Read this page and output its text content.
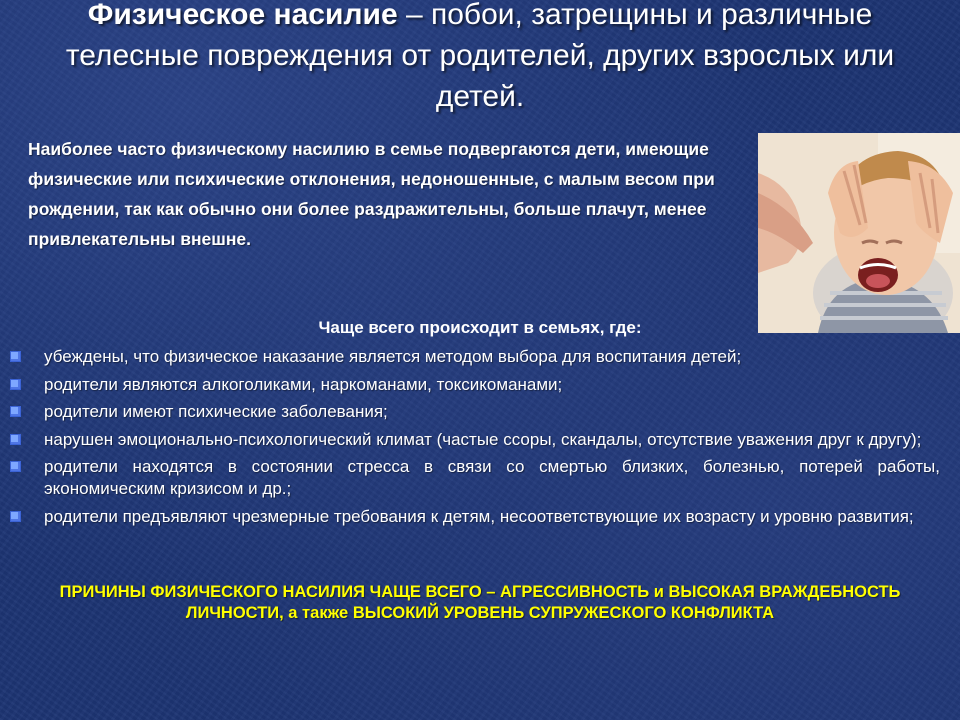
Физическое насилие – побои, затрещины и различные телесные повреждения от родителей, других взрослых или детей.
Наиболее часто физическому насилию в семье подвергаются дети, имеющие физические или психические отклонения, недоношенные, с малым весом при рождении, так как обычно они более раздражительны, больше плачут, менее привлекательны внешне.
Чаще всего происходит в семьях, где:
убеждены, что физическое наказание является методом выбора для воспитания детей;
родители являются алкоголиками, наркоманами, токсикоманами;
родители имеют психические заболевания;
нарушен эмоционально-психологический климат (частые ссоры, скандалы, отсутствие уважения друг к другу);
родители находятся в состоянии стресса в связи со смертью близких, болезнью, потерей работы, экономическим кризисом и др.;
родители предъявляют чрезмерные требования к детям, несоответствующие их возрасту и уровню развития;
ПРИЧИНЫ ФИЗИЧЕСКОГО НАСИЛИЯ ЧАЩЕ ВСЕГО – АГРЕССИВНОСТЬ и ВЫСОКАЯ ВРАЖДЕБНОСТЬ
ЛИЧНОСТИ, а также ВЫСОКИЙ УРОВЕНЬ СУПРУЖЕСКОГО КОНФЛИКТА
